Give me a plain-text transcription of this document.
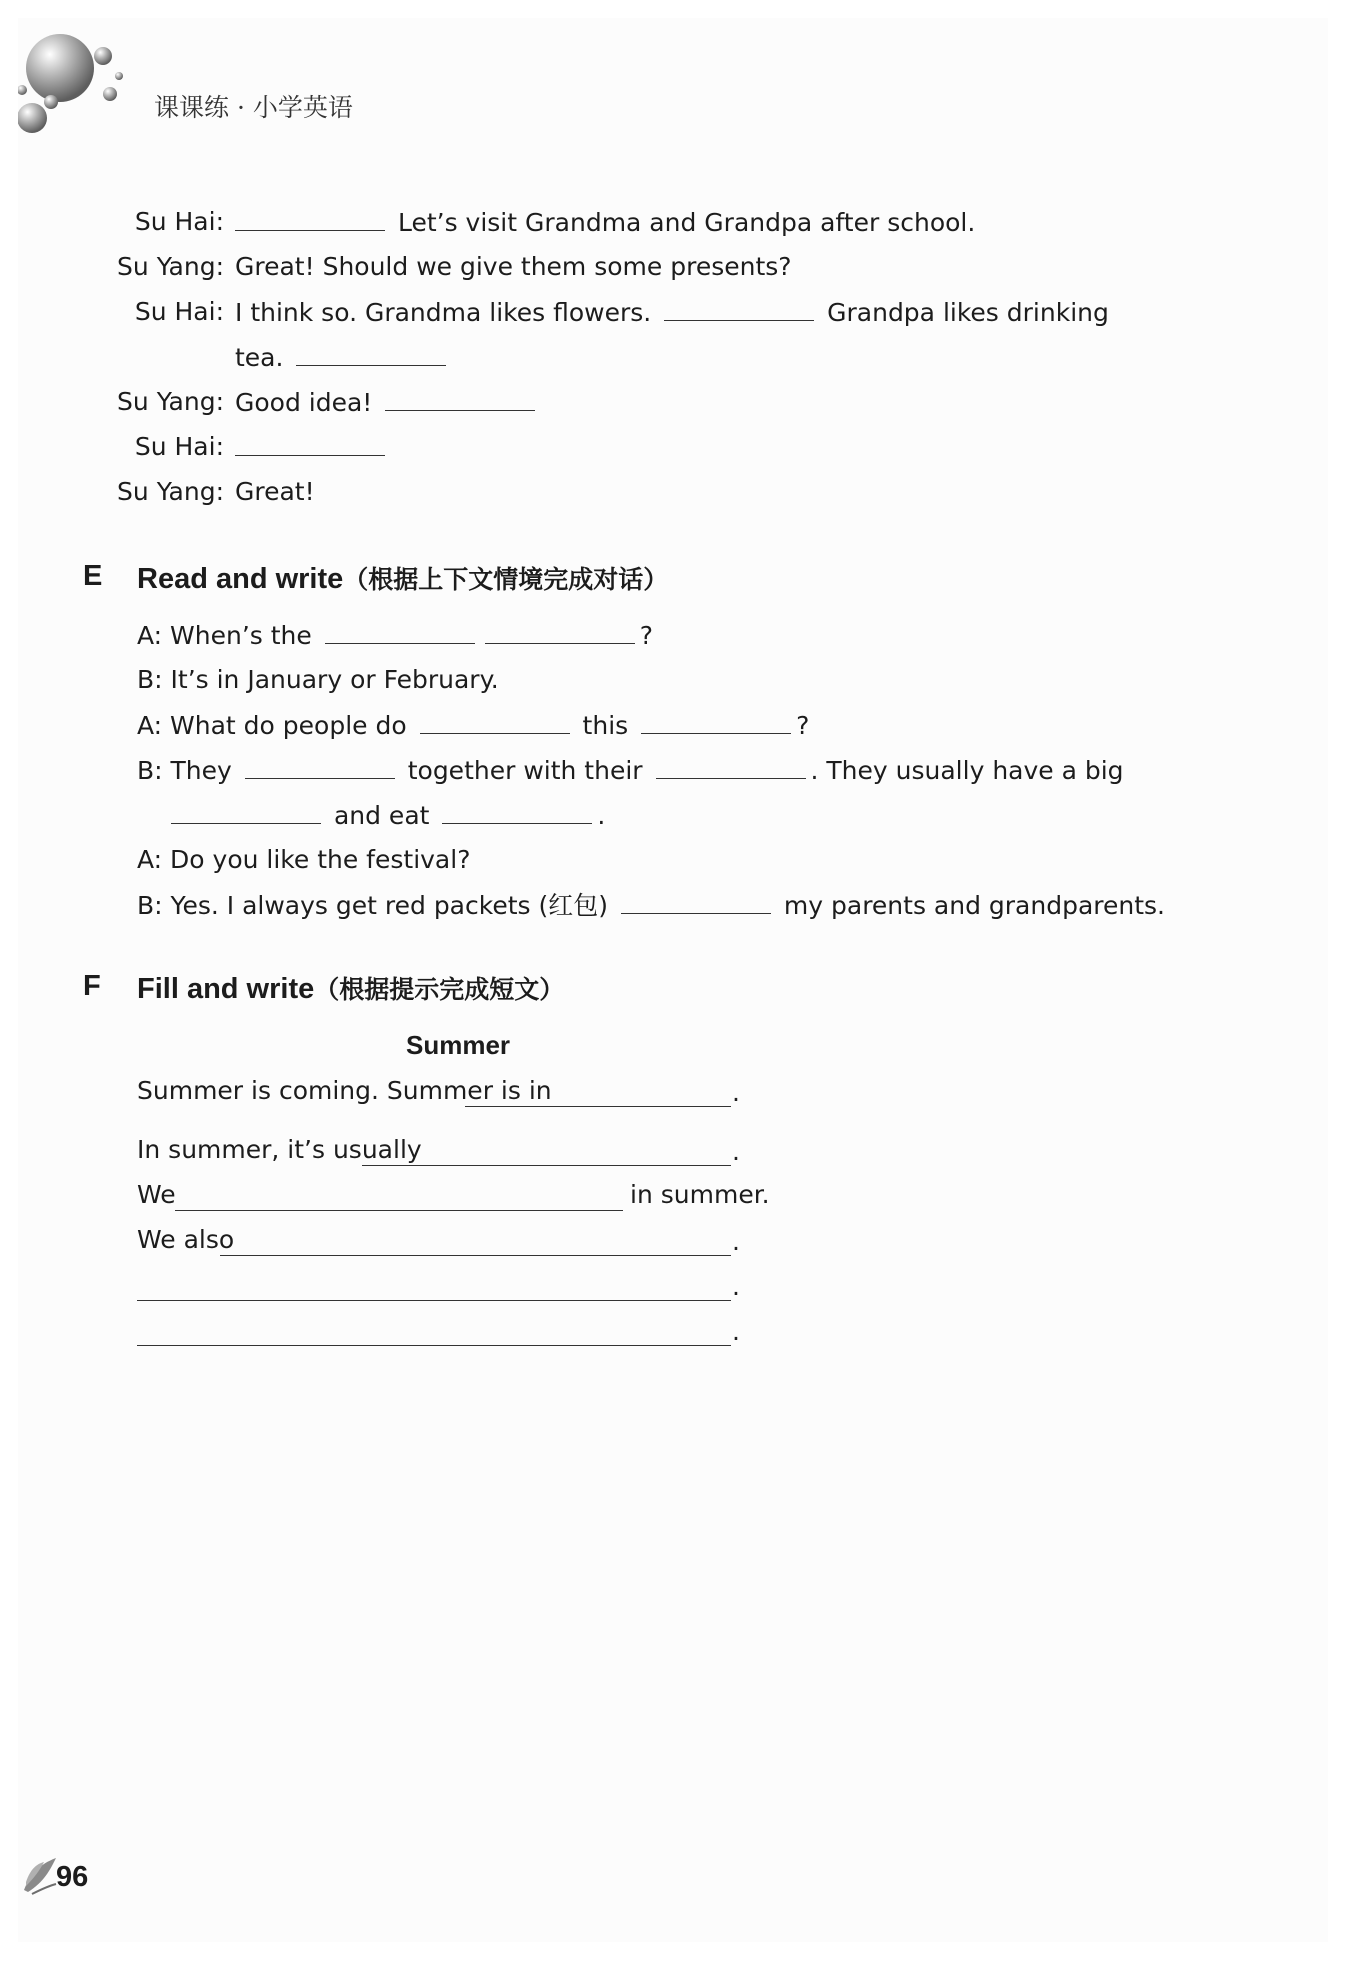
课课练 · 小学英语
Su Hai:	Let’s visit Grandma and Grandpa after school.
Su Yang: Great! Should we give them some presents?
Su Hai: I think so. Grandma likes flowers.	Grandpa likes drinking
tea.
Su Yang: Good idea!
Su Hai:
Su Yang: Great!
E Read and write（根据上下文情境完成对话）
A: When’s the	?
B: It’s in January or February.
A: What do people do	this	?
B: They	together with their	. They usually have a big
and eat	.
A: Do you like the festival?
B: Yes. I always get red packets (红包)	my parents and grandparents.
F Fill and write（根据提示完成短文）
Summer
Summer is coming. Summer is in	.
In summer, it’s usually	.
We	in summer.
We also	.
.
.
96
